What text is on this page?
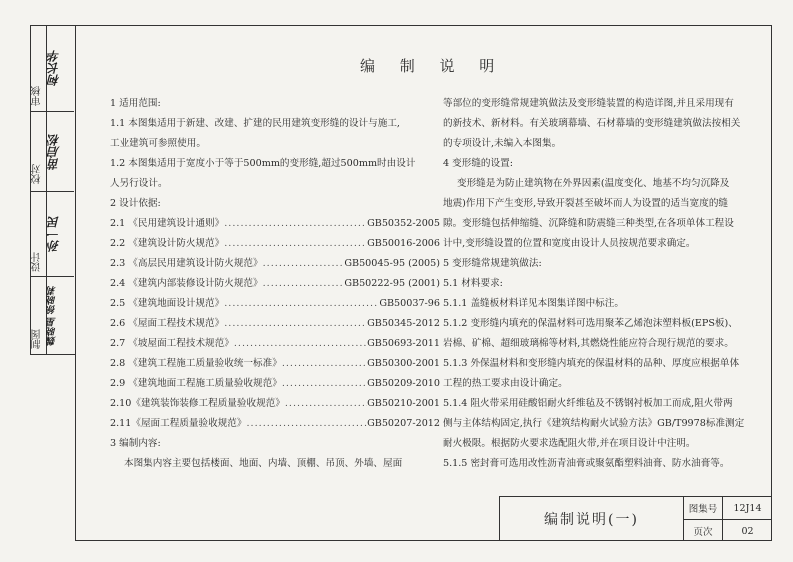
审核
柯长华
校对
苗启松
设计
孙一民
制图 魏晓星 徐晓莉
编 制 说 明
1 适用范围:
1.1 本图集适用于新建、改建、扩建的民用建筑变形缝的设计与施工,
工业建筑可参照使用。
1.2 本图集适用于宽度小于等于500mm的变形缝,超过500mm时由设计
人另行设计。
2 设计依据:
2.1 《民用建筑设计通则》 .....	GB50352-2005
2.2 《建筑设计防火规范》 .....	GB50016-2006
2.3 《高层民用建筑设计防火规范》 .....	GB50045-95 (2005)
2.4 《建筑内部装修设计防火规范》 .....	GB50222-95 (2001)
2.5 《建筑地面设计规范》 .....	GB50037-96
2.6 《屋面工程技术规范》 .....	GB50345-2012
2.7 《坡屋面工程技术规范》 .....	GB50693-2011
2.8 《建筑工程施工质量验收统一标准》 .....	GB50300-2001
2.9 《建筑地面工程施工质量验收规范》 .....	GB50209-2010
2.10《建筑装饰装修工程质量验收规范》 .....	GB50210-2001
2.11《屋面工程质量验收规范》 .....	GB50207-2012
3 编制内容:
本图集内容主要包括楼面、地面、内墙、顶棚、吊顶、外墙、屋面
等部位的变形缝常规建筑做法及变形缝装置的构造详图,并且采用现有
的新技术、新材料。有关玻璃幕墙、石材幕墙的变形缝建筑做法按相关
的专项设计,未编入本图集。
4 变形缝的设置:
变形缝是为防止建筑物在外界因素(温度变化、地基不均匀沉降及
地震)作用下产生变形,导致开裂甚至破坏而人为设置的适当宽度的缝
隙。变形缝包括伸缩缝、沉降缝和防震缝三种类型,在各项单体工程设
计中,变形缝设置的位置和宽度由设计人员按规范要求确定。
5 变形缝常规建筑做法:
5.1 材料要求:
5.1.1 盖缝板材料详见本图集详图中标注。
5.1.2 变形缝内填充的保温材料可选用聚苯乙烯泡沫塑料板(EPS板)、
岩棉、矿棉、超细玻璃棉等材料,其燃烧性能应符合现行规范的要求。
5.1.3 外保温材料和变形缝内填充的保温材料的品种、厚度应根据单体
工程的热工要求由设计确定。
5.1.4 阻火带采用硅酸铝耐火纤维毡及不锈钢衬板加工而成,阻火带两
侧与主体结构固定,执行《建筑结构耐火试验方法》GB/T9978标准测定
耐火极限。根据防火要求选配阻火带,并在项目设计中注明。
5.1.5 密封膏可选用改性沥青油膏或聚氨酯塑料油膏、防水油膏等。
编制说明(一)
图集号	12J14
页次	02
